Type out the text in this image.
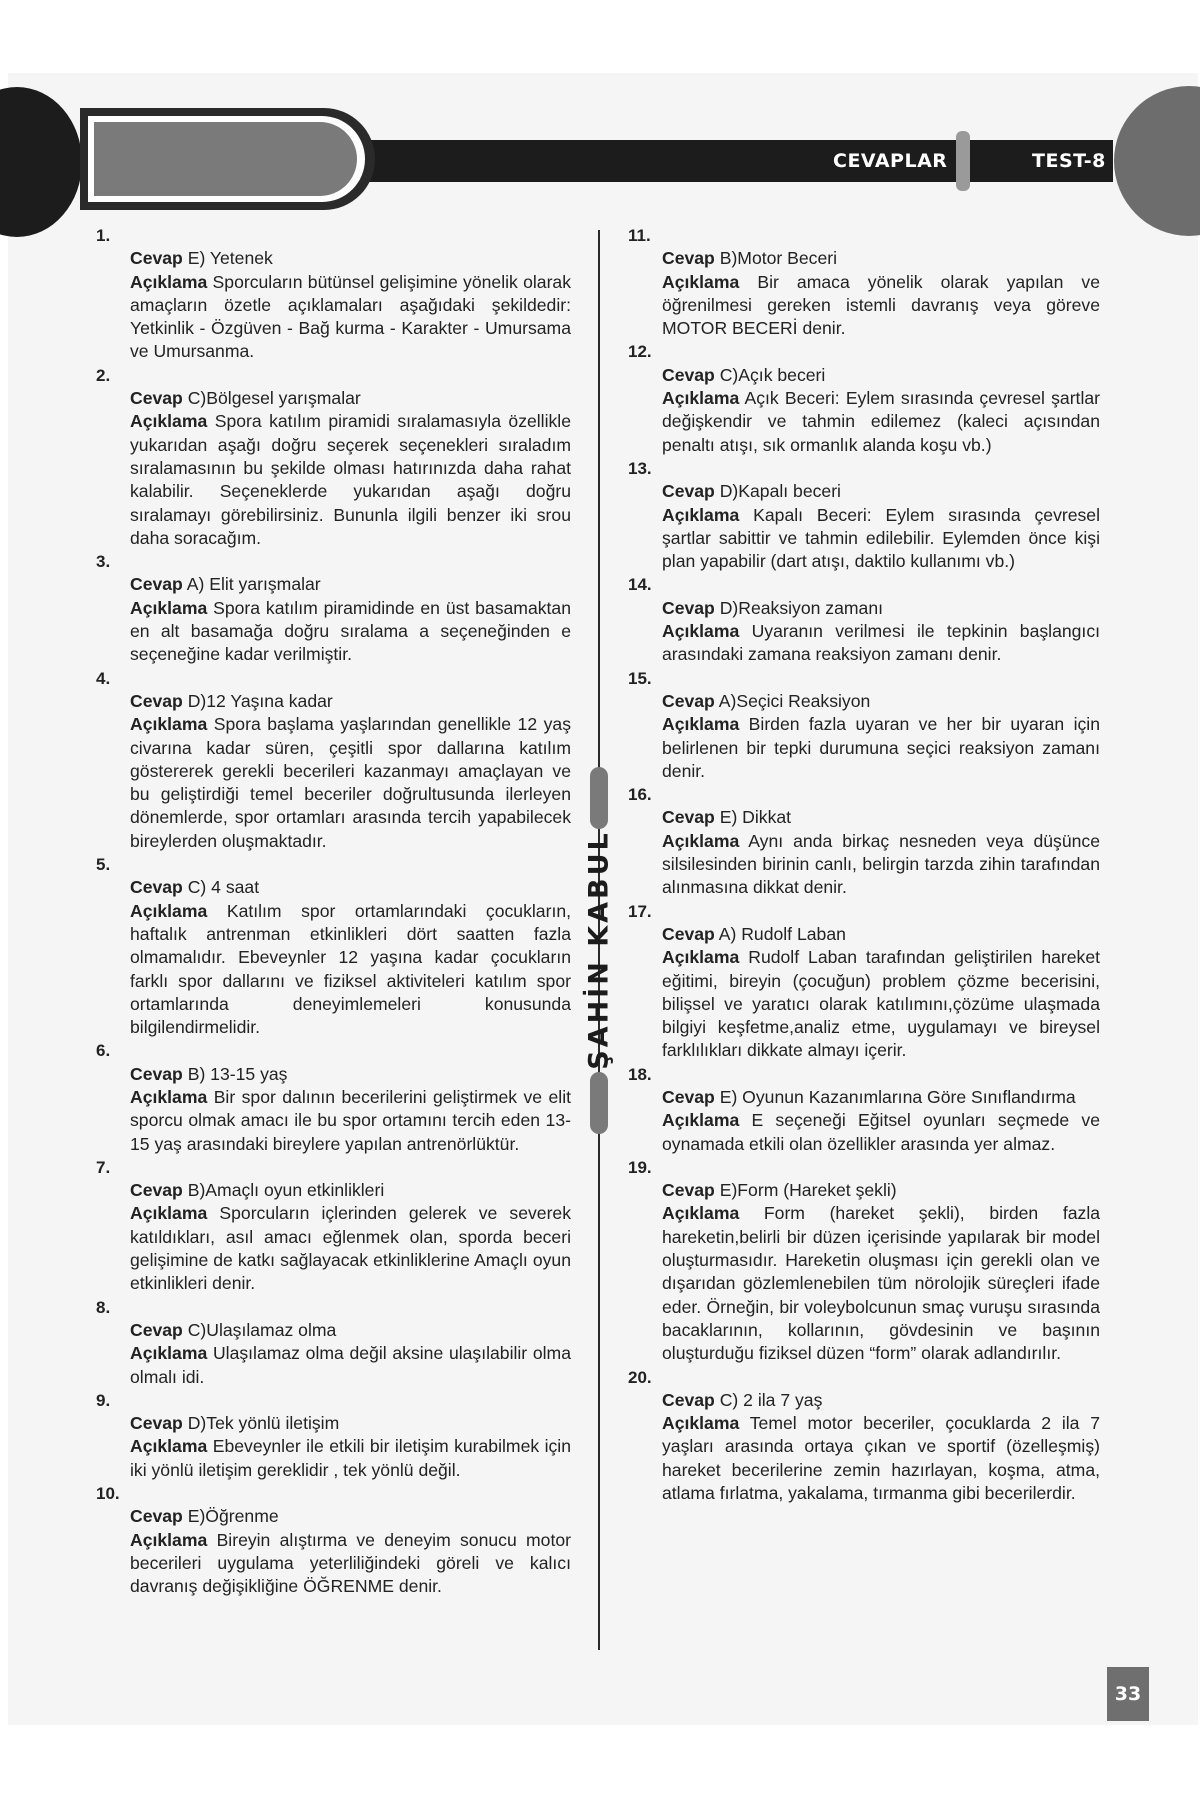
CEVAPLAR	TEST-8
ŞAHİN KABUL
1.
Cevap E) Yetenek
Açıklama Sporcuların bütünsel gelişimine yönelik olarak amaçların özetle açıklamaları aşağıdaki şekildedir: Yetkinlik - Özgüven - Bağ kurma - Karakter - Umursama ve Umursanma.
2.
Cevap C)Bölgesel yarışmalar
Açıklama Spora katılım piramidi sıralamasıyla özellikle yukarıdan aşağı doğru seçerek seçenekleri sıraladım sıralamasının bu şekilde olması hatırınızda daha rahat kalabilir. Seçeneklerde yukarıdan aşağı doğru sıralamayı görebilirsiniz. Bununla ilgili benzer iki srou daha soracağım.
3.
Cevap A) Elit yarışmalar
Açıklama Spora katılım piramidinde en üst basamaktan en alt basamağa doğru sıralama a seçeneğinden e seçeneğine kadar verilmiştir.
4.
Cevap D)12 Yaşına kadar
Açıklama Spora başlama yaşlarından genellikle 12 yaş civarına kadar süren, çeşitli spor dallarına katılım göstererek gerekli becerileri kazanmayı amaçlayan ve bu geliştirdiği temel beceriler doğrultusunda ilerleyen dönemlerde, spor ortamları arasında tercih yapabilecek bireylerden oluşmaktadır.
5.
Cevap C) 4 saat
Açıklama Katılım spor ortamlarındaki çocukların, haftalık antrenman etkinlikleri dört saatten fazla olmamalıdır. Ebeveynler 12 yaşına kadar çocukların farklı spor dallarını ve fiziksel aktiviteleri katılım spor ortamlarında deneyimlemeleri konusunda bilgilendirmelidir.
6.
Cevap B) 13-15 yaş
Açıklama Bir spor dalının becerilerini geliştirmek ve elit sporcu olmak amacı ile bu spor ortamını tercih eden 13-15 yaş arasındaki bireylere yapılan antrenörlüktür.
7.
Cevap B)Amaçlı oyun etkinlikleri
Açıklama Sporcuların içlerinden gelerek ve severek katıldıkları, asıl amacı eğlenmek olan, sporda beceri gelişimine de katkı sağlayacak etkinliklerine Amaçlı oyun etkinlikleri denir.
8.
Cevap C)Ulaşılamaz olma
Açıklama Ulaşılamaz olma değil aksine ulaşılabilir olma olmalı idi.
9.
Cevap D)Tek yönlü iletişim
Açıklama Ebeveynler ile etkili bir iletişim kurabilmek için iki yönlü iletişim gereklidir , tek yönlü değil.
10.
Cevap E)Öğrenme
Açıklama Bireyin alıştırma ve deneyim sonucu motor becerileri uygulama yeterliliğindeki göreli ve kalıcı davranış değişikliğine ÖĞRENME denir.
11.
Cevap B)Motor Beceri
Açıklama Bir amaca yönelik olarak yapılan ve öğrenilmesi gereken istemli davranış veya göreve MOTOR BECERİ denir.
12.
Cevap C)Açık beceri
Açıklama Açık Beceri: Eylem sırasında çevresel şartlar değişkendir ve tahmin edilemez (kaleci açısından penaltı atışı, sık ormanlık alanda koşu vb.)
13.
Cevap D)Kapalı beceri
Açıklama Kapalı Beceri: Eylem sırasında çevresel şartlar sabittir ve tahmin edilebilir. Eylemden önce kişi plan yapabilir (dart atışı, daktilo kullanımı vb.)
14.
Cevap D)Reaksiyon zamanı
Açıklama Uyaranın verilmesi ile tepkinin başlangıcı arasındaki zamana reaksiyon zamanı denir.
15.
Cevap A)Seçici Reaksiyon
Açıklama Birden fazla uyaran ve her bir uyaran için belirlenen bir tepki durumuna seçici reaksiyon zamanı denir.
16.
Cevap E) Dikkat
Açıklama Aynı anda birkaç nesneden veya düşünce silsilesinden birinin canlı, belirgin tarzda zihin tarafından alınmasına dikkat denir.
17.
Cevap A) Rudolf Laban
Açıklama Rudolf Laban tarafından geliştirilen hareket eğitimi, bireyin (çocuğun) problem çözme becerisini, bilişsel ve yaratıcı olarak katılımını,çözüme ulaşmada bilgiyi keşfetme,analiz etme, uygulamayı ve bireysel farklılıkları dikkate almayı içerir.
18.
Cevap E) Oyunun Kazanımlarına Göre Sınıflandırma
Açıklama E seçeneği Eğitsel oyunları seçmede ve oynamada etkili olan özellikler arasında yer almaz.
19.
Cevap E)Form (Hareket şekli)
Açıklama Form (hareket şekli), birden fazla hareketin,belirli bir düzen içerisinde yapılarak bir model oluşturmasıdır. Hareketin oluşması için gerekli olan ve dışarıdan gözlemlenebilen tüm nörolojik süreçleri ifade eder. Örneğin, bir voleybolcunun smaç vuruşu sırasında bacaklarının, kollarının, gövdesinin ve başının oluşturduğu fiziksel düzen “form” olarak adlandırılır.
20.
Cevap C) 2 ila 7 yaş
Açıklama Temel motor beceriler, çocuklarda 2 ila 7 yaşları arasında ortaya çıkan ve sportif (özelleşmiş) hareket becerilerine zemin hazırlayan, koşma, atma, atlama fırlatma, yakalama, tırmanma gibi becerilerdir.
33
